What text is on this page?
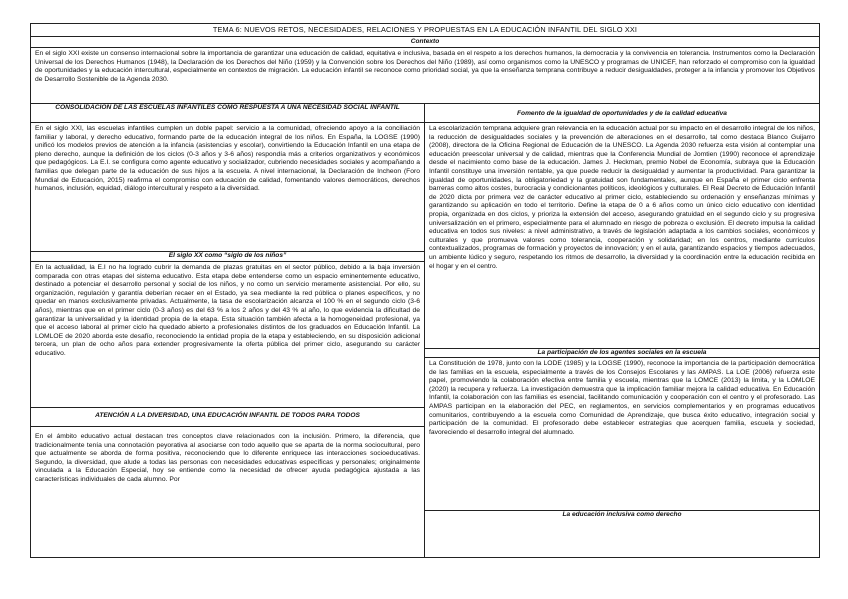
TEMA 6: NUEVOS RETOS, NECESIDADES, RELACIONES Y PROPUESTAS EN LA EDUCACIÓN INFANTIL DEL SIGLO XXI
Contexto
En el siglo XXI existe un consenso internacional sobre la importancia de garantizar una educación de calidad, equitativa e inclusiva, basada en el respeto a los derechos humanos, la democracia y la convivencia en tolerancia. Instrumentos como la Declaración Universal de los Derechos Humanos (1948), la Declaración de los Derechos del Niño (1959) y la Convención sobre los Derechos del Niño (1989), así como organismos como la UNESCO y programas de UNICEF, han reforzado el compromiso con la igualdad de oportunidades y la educación intercultural, especialmente en contextos de migración. La educación infantil se reconoce como prioridad social, ya que la enseñanza temprana contribuye a reducir desigualdades, proteger a la infancia y promover los Objetivos de Desarrollo Sostenible de la Agenda 2030.
CONSOLIDACIÓN DE LAS ESCUELAS INFANTILES COMO RESPUESTA A UNA NECESIDAD SOCIAL INFANTIL
En el siglo XXI, las escuelas infantiles cumplen un doble papel: servicio a la comunidad, ofreciendo apoyo a la conciliación familiar y laboral, y derecho educativo, formando parte de la educación integral de los niños. En España, la LOGSE (1990) unificó los modelos previos de atención a la infancia (asistencias y escolar), convirtiendo la Educación Infantil en una etapa de pleno derecho, aunque la definición de los ciclos (0-3 años y 3-6 años) respondía más a criterios organizativos y económicos que pedagógicos. La E.I. se configura como agente educativo y socializador, cubriendo necesidades sociales y acompañando a familias que delegan parte de la educación de sus hijos a la escuela. A nivel internacional, la Declaración de Incheon (Foro Mundial de Educación, 2015) reafirma el compromiso con educación de calidad, fomentando valores democráticos, derechos humanos, inclusión, equidad, diálogo intercultural y respeto a la diversidad.
El siglo XX como “siglo de los niños”
En la actualidad, la E.I no ha logrado cubrir la demanda de plazas gratuitas en el sector público, debido a la baja inversión comparada con otras etapas del sistema educativo. Esta etapa debe entenderse como un espacio eminentemente educativo, destinado a potenciar el desarrollo personal y social de los niños, y no como un servicio meramente asistencial. Por ello, su organización, regulación y garantía deberían recaer en el Estado, ya sea mediante la red pública o planes específicos, y no quedar en manos exclusivamente privadas. Actualmente, la tasa de escolarización alcanza el 100 % en el segundo ciclo (3-6 años), mientras que en el primer ciclo (0-3 años) es del 63 % a los 2 años y del 43 % al año, lo que evidencia la dificultad de garantizar la universalidad y la identidad propia de la etapa. Esta situación también afecta a la homogeneidad profesional, ya que el acceso laboral al primer ciclo ha quedado abierto a profesionales distintos de los graduados en Educación Infantil. La LOMLOE de 2020 aborda este desafío, reconociendo la entidad propia de la etapa y estableciendo, en su disposición adicional tercera, un plan de ocho años para extender progresivamente la oferta pública del primer ciclo, asegurando su carácter educativo.
ATENCIÓN A LA DIVERSIDAD, UNA EDUCACIÓN INFANTIL DE TODOS PARA TODOS
En el ámbito educativo actual destacan tres conceptos clave relacionados con la inclusión. Primero, la diferencia, que tradicionalmente tenía una connotación peyorativa al asociarse con todo aquello que se aparta de la norma sociocultural, pero que actualmente se aborda de forma positiva, reconociendo que lo diferente enriquece las interacciones socioeducativas. Segundo, la diversidad, que alude a todas las personas con necesidades educativas específicas y personales; originalmente vinculada a la Educación Especial, hoy se entiende como la necesidad de ofrecer ayuda pedagógica ajustada a las características individuales de cada alumno. Por
Fomento de la igualdad de oportunidades y de la calidad educativa
La escolarización temprana adquiere gran relevancia en la educación actual por su impacto en el desarrollo integral de los niños, la reducción de desigualdades sociales y la prevención de alteraciones en el desarrollo, tal como destaca Blanco Guijarro (2008), directora de la Oficina Regional de Educación de la UNESCO. La Agenda 2030 refuerza esta visión al contemplar una educación preescolar universal y de calidad, mientras que la Conferencia Mundial de Jomtien (1990) reconoce el aprendizaje desde el nacimiento como base de la educación. James J. Heckman, premio Nobel de Economía, subraya que la Educación Infantil constituye una inversión rentable, ya que puede reducir la desigualdad y aumentar la productividad. Para garantizar la igualdad de oportunidades, la obligatoriedad y la gratuidad son fundamentales, aunque en España el primer ciclo enfrenta barreras como altos costes, burocracia y condicionantes políticos, ideológicos y culturales. El Real Decreto de Educación Infantil de 2020 dicta por primera vez de carácter educativo al primer ciclo, estableciendo su ordenación y enseñanzas mínimas y garantizando su aplicación en todo el territorio. Define la etapa de 0 a 6 años como un único ciclo educativo con identidad propia, organizada en dos ciclos, y prioriza la extensión del acceso, asegurando gratuidad en el segundo ciclo y su progresiva universalización en el primero, especialmente para el alumnado en riesgo de pobreza o exclusión. El decreto impulsa la calidad educativa en todos sus niveles: a nivel administrativo, a través de legislación adaptada a los cambios sociales, económicos y culturales y que promueva valores como tolerancia, cooperación y solidaridad; en los centros, mediante currículos contextualizados, programas de formación y proyectos de innovación; y en el aula, garantizando espacios y tiempos adecuados, un ambiente lúdico y seguro, respetando los ritmos de desarrollo, la diversidad y la coordinación entre la educación recibida en el hogar y en el centro.
La participación de los agentes sociales en la escuela
La Constitución de 1978, junto con la LODE (1985) y la LOGSE (1990), reconoce la importancia de la participación democrática de las familias en la escuela, especialmente a través de los Consejos Escolares y las AMPAS. La LOE (2006) refuerza este papel, promoviendo la colaboración efectiva entre familia y escuela, mientras que la LOMCE (2013) la limita, y la LOMLOE (2020) la recupera y refuerza. La investigación demuestra que la implicación familiar mejora la calidad educativa. En Educación Infantil, la colaboración con las familias es esencial, facilitando comunicación y cooperación con el centro y el profesorado. Las AMPAS participan en la elaboración del PEC, en reglamentos, en servicios complementarios y en programas educativos comunitarios, contribuyendo a la escuela como Comunidad de Aprendizaje, que busca éxito educativo, integración social y participación de la comunidad. El profesorado debe establecer estrategias que acerquen familia, escuela y sociedad, favoreciendo el desarrollo integral del alumnado.
La educación inclusiva como derecho
